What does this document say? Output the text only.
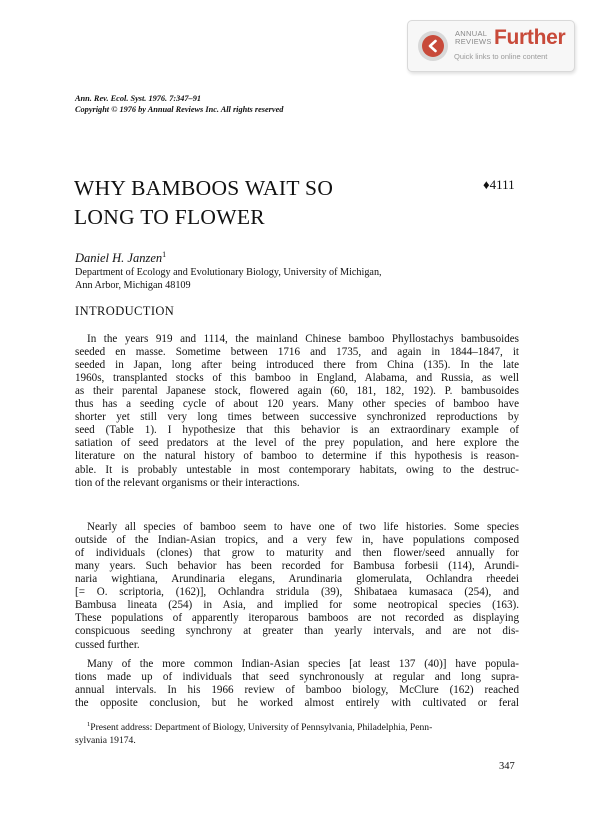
ANNUAL
REVIEWS Further
Quick links to online content
Ann. Rev. Ecol. Syst. 1976. 7:347–91
Copyright © 1976 by Annual Reviews Inc. All rights reserved
WHY BAMBOOS WAIT SO
LONG TO FLOWER
♦4111
Daniel H. Janzen$^1$
Department of Ecology and Evolutionary Biology, University of Michigan,
Ann Arbor, Michigan 48109
INTRODUCTION
In the years 919 and 1114, the mainland Chinese bamboo Phyllostachys bambusoides
seeded en masse. Sometime between 1716 and 1735, and again in 1844–1847, it
seeded in Japan, long after being introduced there from China (135). In the late
1960s, transplanted stocks of this bamboo in England, Alabama, and Russia, as well
as their parental Japanese stock, flowered again (60, 181, 182, 192). P. bambusoides
thus has a seeding cycle of about 120 years. Many other species of bamboo have
shorter yet still very long times between successive synchronized reproductions by
seed (Table 1). I hypothesize that this behavior is an extraordinary example of
satiation of seed predators at the level of the prey population, and here explore the
literature on the natural history of bamboo to determine if this hypothesis is reason-
able. It is probably untestable in most contemporary habitats, owing to the destruc-
tion of the relevant organisms or their interactions.
Nearly all species of bamboo seem to have one of two life histories. Some species
outside of the Indian-Asian tropics, and a very few in, have populations composed
of individuals (clones) that grow to maturity and then flower/seed annually for
many years. Such behavior has been recorded for Bambusa forbesii (114), Arundi-
naria wightiana, Arundinaria elegans, Arundinaria glomerulata, Ochlandra rheedei
[= O. scriptoria, (162)], Ochlandra stridula (39), Shibataea kumasaca (254), and
Bambusa lineata (254) in Asia, and implied for some neotropical species (163).
These populations of apparently iteroparous bamboos are not recorded as displaying
conspicuous seeding synchrony at greater than yearly intervals, and are not dis-
cussed further.
Many of the more common Indian-Asian species [at least 137 (40)] have popula-
tions made up of individuals that seed synchronously at regular and long supra-
annual intervals. In his 1966 review of bamboo biology, McClure (162) reached
the opposite conclusion, but he worked almost entirely with cultivated or feral
$^1$Present address: Department of Biology, University of Pennsylvania, Philadelphia, Penn-
sylvania 19174.
347
